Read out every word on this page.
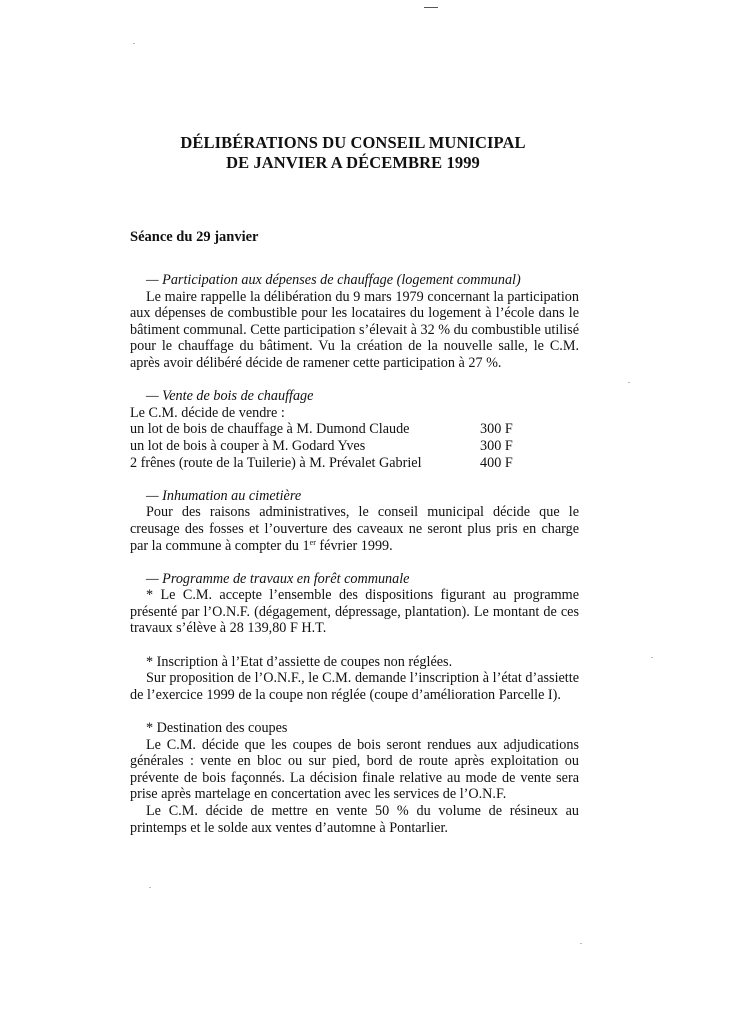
DÉLIBÉRATIONS DU CONSEIL MUNICIPAL
DE JANVIER A DÉCEMBRE 1999
Séance du 29 janvier
— Participation aux dépenses de chauffage (logement communal)
Le maire rappelle la délibération du 9 mars 1979 concernant la participation aux dépenses de combustible pour les locataires du logement à l’école dans le bâtiment communal. Cette participation s’élevait à 32 % du combustible utilisé pour le chauffage du bâtiment. Vu la création de la nouvelle salle, le C.M. après avoir délibéré décide de ramener cette participation à 27 %.
— Vente de bois de chauffage
Le C.M. décide de vendre :
un lot de bois de chauffage à M. Dumond Claude	300 F
un lot de bois à couper à M. Godard Yves	300 F
2 frênes (route de la Tuilerie) à M. Prévalet Gabriel	400 F
— Inhumation au cimetière
Pour des raisons administratives, le conseil municipal décide que le creusage des fosses et l’ouverture des caveaux ne seront plus pris en charge par la commune à compter du 1er février 1999.
— Programme de travaux en forêt communale
* Le C.M. accepte l’ensemble des dispositions figurant au programme présenté par l’O.N.F. (dégagement, dépressage, plantation). Le montant de ces travaux s’élève à 28 139,80 F H.T.
* Inscription à l’Etat d’assiette de coupes non réglées.
Sur proposition de l’O.N.F., le C.M. demande l’inscription à l’état d’assiette de l’exercice 1999 de la coupe non réglée (coupe d’amélioration Parcelle I).
* Destination des coupes
Le C.M. décide que les coupes de bois seront rendues aux adjudications générales : vente en bloc ou sur pied, bord de route après exploitation ou prévente de bois façonnés. La décision finale relative au mode de vente sera prise après martelage en concertation avec les services de l’O.N.F.
Le C.M. décide de mettre en vente 50 % du volume de résineux au printemps et le solde aux ventes d’automne à Pontarlier.
